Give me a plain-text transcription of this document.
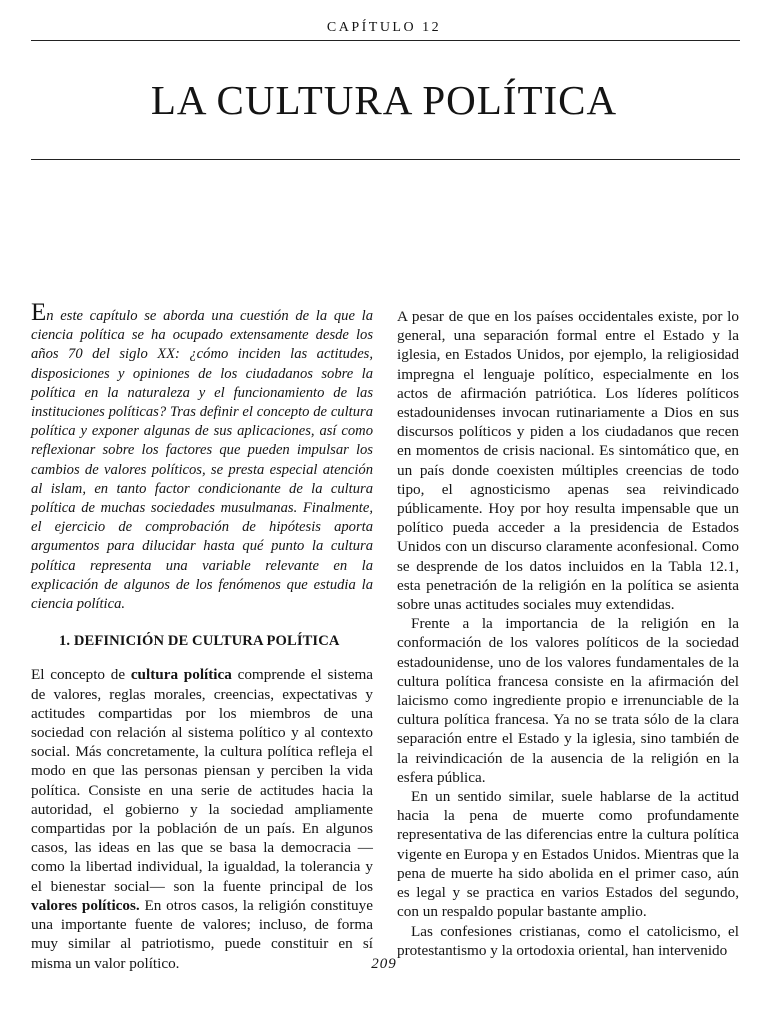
CAPÍTULO 12
LA CULTURA POLÍTICA

En este capítulo se aborda una cuestión de la que la ciencia política se ha ocupado extensamente desde los años 70 del siglo XX: ¿cómo inciden las actitudes, disposiciones y opiniones de los ciudadanos sobre la política en la naturaleza y el funcionamiento de las instituciones políticas? Tras definir el concepto de cultura política y exponer algunas de sus aplicaciones, así como reflexionar sobre los factores que pueden impulsar los cambios de valores políticos, se presta especial atención al islam, en tanto factor condicionante de la cultura política de muchas sociedades musulmanas. Finalmente, el ejercicio de comprobación de hipótesis aporta argumentos para dilucidar hasta qué punto la cultura política representa una variable relevante en la explicación de algunos de los fenómenos que estudia la ciencia política.

1. DEFINICIÓN DE CULTURA POLÍTICA

El concepto de cultura política comprende el sistema de valores, reglas morales, creencias, expectativas y actitudes compartidas por los miembros de una sociedad con relación al sistema político y al contexto social. Más concretamente, la cultura política refleja el modo en que las personas piensan y perciben la vida política. Consiste en una serie de actitudes hacia la autoridad, el gobierno y la sociedad ampliamente compartidas por la población de un país. En algunos casos, las ideas en las que se basa la democracia —como la libertad individual, la igualdad, la tolerancia y el bienestar social— son la fuente principal de los valores políticos. En otros casos, la religión constituye una importante fuente de valores; incluso, de forma muy similar al patriotismo, puede constituir en sí misma un valor político.

A pesar de que en los países occidentales existe, por lo general, una separación formal entre el Estado y la iglesia, en Estados Unidos, por ejemplo, la religiosidad impregna el lenguaje político, especialmente en los actos de afirmación patriótica. Los líderes políticos estadounidenses invocan rutinariamente a Dios en sus discursos políticos y piden a los ciudadanos que recen en momentos de crisis nacional. Es sintomático que, en un país donde coexisten múltiples creencias de todo tipo, el agnosticismo apenas sea reivindicado públicamente. Hoy por hoy resulta impensable que un político pueda acceder a la presidencia de Estados Unidos con un discurso claramente aconfesional. Como se desprende de los datos incluidos en la Tabla 12.1, esta penetración de la religión en la política se asienta sobre unas actitudes sociales muy extendidas.

Frente a la importancia de la religión en la conformación de los valores políticos de la sociedad estadounidense, uno de los valores fundamentales de la cultura política francesa consiste en la afirmación del laicismo como ingrediente propio e irrenunciable de la cultura política francesa. Ya no se trata sólo de la clara separación entre el Estado y la iglesia, sino también de la reivindicación de la ausencia de la religión en la esfera pública.

En un sentido similar, suele hablarse de la actitud hacia la pena de muerte como profundamente representativa de las diferencias entre la cultura política vigente en Europa y en Estados Unidos. Mientras que la pena de muerte ha sido abolida en el primer caso, aún es legal y se practica en varios Estados del segundo, con un respaldo popular bastante amplio.

Las confesiones cristianas, como el catolicismo, el protestantismo y la ortodoxia oriental, han intervenido

209
